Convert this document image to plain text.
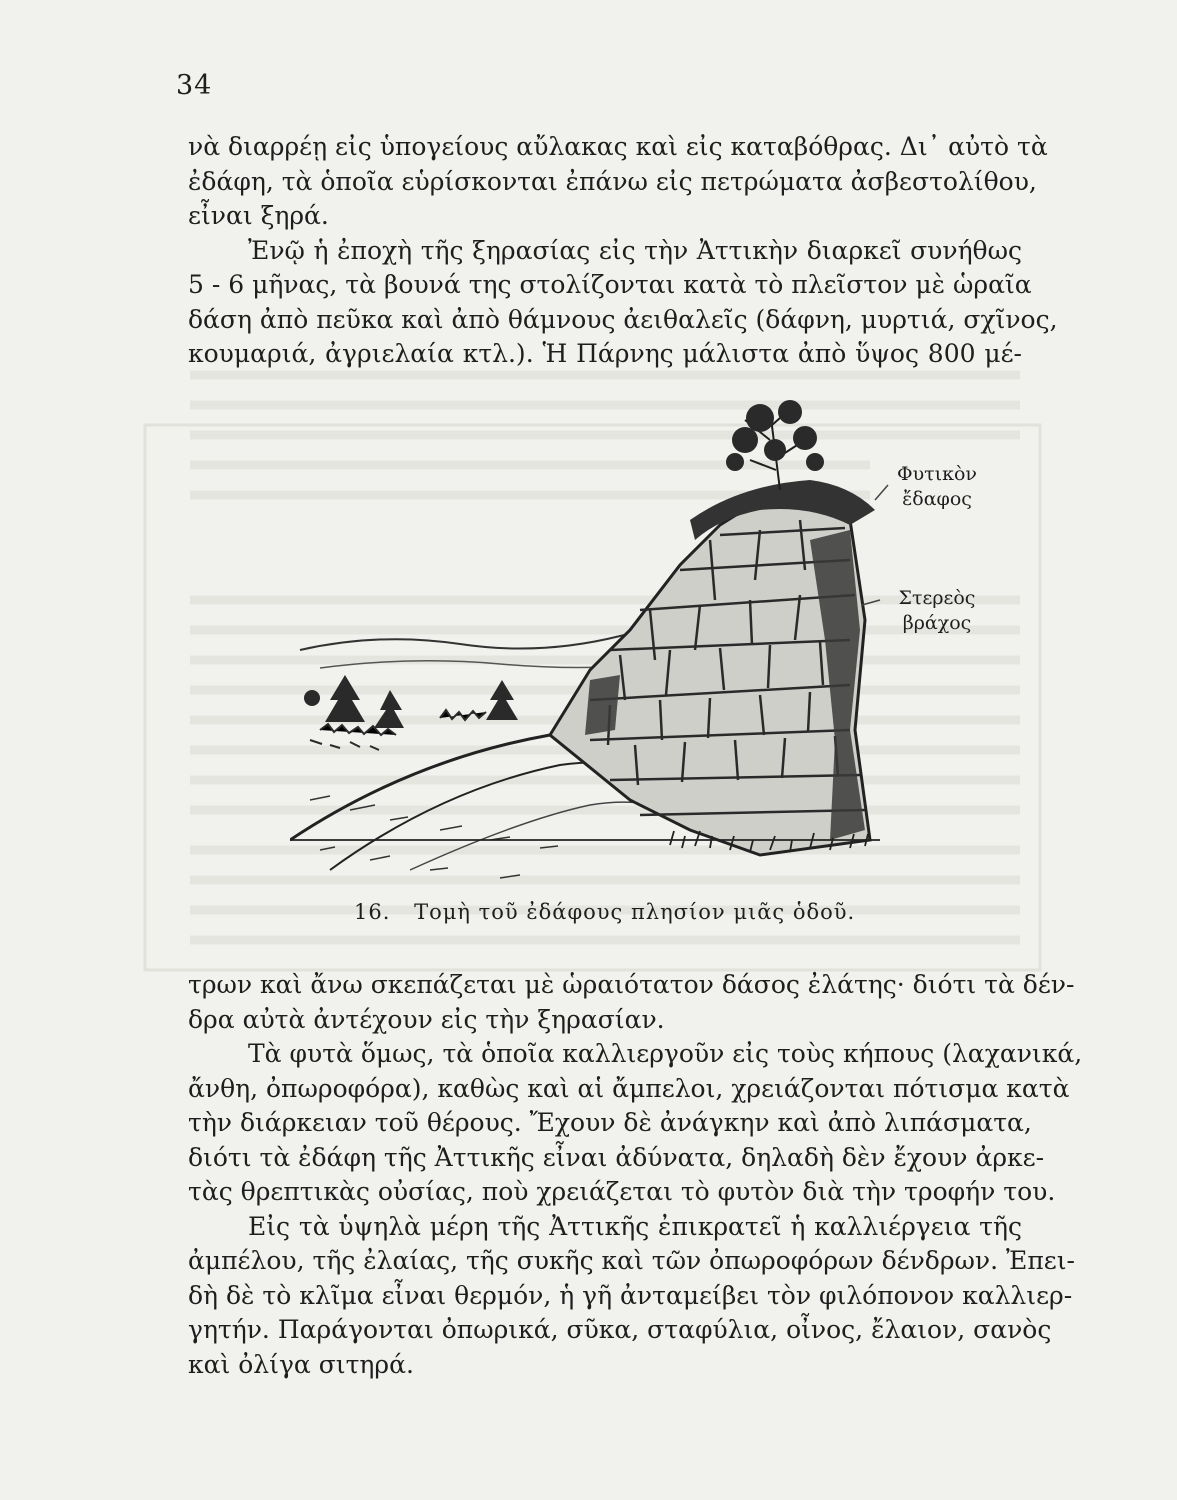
34
νὰ διαρρέῃ εἰς ὑπογείους αὔλακας καὶ εἰς καταβόθρας. Δι᾽ αὐτὸ τὰ
ἐδάφη, τὰ ὁποῖα εὑρίσκονται ἐπάνω εἰς πετρώματα ἀσβεστολίθου,
εἶναι ξηρά.
Ἐνῷ ἡ ἐποχὴ τῆς ξηρασίας εἰς τὴν Ἀττικὴν διαρκεῖ συνήθως
5 - 6 μῆνας, τὰ βουνά της στολίζονται κατὰ τὸ πλεῖστον μὲ ὡραῖα
δάση ἀπὸ πεῦκα καὶ ἀπὸ θάμνους ἀειθαλεῖς (δάφνη, μυρτιά, σχῖνος,
κουμαριά, ἀγριελαία κτλ.). Ἡ Πάρνης μάλιστα ἀπὸ ὕψος 800 μέ-
Φυτικὸν
ἔδαφος
Στερεὸς
βράχος
16. Τομὴ τοῦ ἐδάφους πλησίον μιᾶς ὁδοῦ.
τρων καὶ ἄνω σκεπάζεται μὲ ὡραιότατον δάσος ἐλάτης· διότι τὰ δέν-
δρα αὐτὰ ἀντέχουν εἰς τὴν ξηρασίαν.
Τὰ φυτὰ ὅμως, τὰ ὁποῖα καλλιεργοῦν εἰς τοὺς κήπους (λαχανικά,
ἄνθη, ὀπωροφόρα), καθὼς καὶ αἱ ἄμπελοι, χρειάζονται πότισμα κατὰ
τὴν διάρκειαν τοῦ θέρους. Ἔχουν δὲ ἀνάγκην καὶ ἀπὸ λιπάσματα,
διότι τὰ ἐδάφη τῆς Ἀττικῆς εἶναι ἀδύνατα, δηλαδὴ δὲν ἔχουν ἀρκε-
τὰς θρεπτικὰς οὐσίας, ποὺ χρειάζεται τὸ φυτὸν διὰ τὴν τροφήν του.
Εἰς τὰ ὑψηλὰ μέρη τῆς Ἀττικῆς ἐπικρατεῖ ἡ καλλιέργεια τῆς
ἀμπέλου, τῆς ἐλαίας, τῆς συκῆς καὶ τῶν ὀπωροφόρων δένδρων. Ἐπει-
δὴ δὲ τὸ κλῖμα εἶναι θερμόν, ἡ γῆ ἀνταμείβει τὸν φιλόπονον καλλιερ-
γητήν. Παράγονται ὀπωρικά, σῦκα, σταφύλια, οἶνος, ἔλαιον, σανὸς
καὶ ὀλίγα σιτηρά.
